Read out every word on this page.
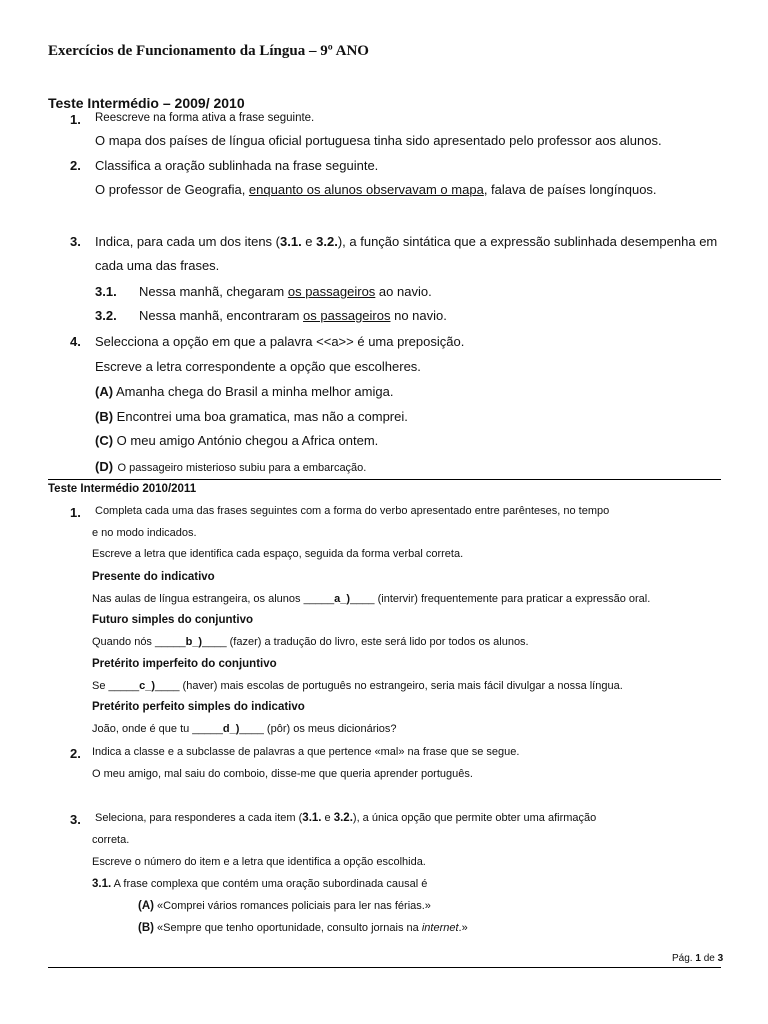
Exercícios de Funcionamento da Língua – 9º ANO
Teste Intermédio – 2009/ 2010
1. Reescreve na forma ativa a frase seguinte.
O mapa dos países de língua oficial portuguesa tinha sido apresentado pelo professor aos alunos.
2. Classifica a oração sublinhada na frase seguinte.
O professor de Geografia, enquanto os alunos observavam o mapa, falava de países longínquos.
3. Indica, para cada um dos itens (3.1. e 3.2.), a função sintática que a expressão sublinhada desempenha em
cada uma das frases.
3.1. Nessa manhã, chegaram os passageiros ao navio.
3.2. Nessa manhã, encontraram os passageiros no navio.
4. Selecciona a opção em que a palavra <<a>> é uma preposição.
Escreve a letra correspondente a opção que escolheres.
(A) Amanha chega do Brasil a minha melhor amiga.
(B) Encontrei uma boa gramatica, mas não a comprei.
(C) O meu amigo António chegou a Africa ontem.
(D) O passageiro misterioso subiu para a embarcação.
Teste Intermédio 2010/2011
1. Completa cada uma das frases seguintes com a forma do verbo apresentado entre parênteses, no tempo
e no modo indicados.
Escreve a letra que identifica cada espaço, seguida da forma verbal correta.
Presente do indicativo
Nas aulas de língua estrangeira, os alunos _____a_)____ (intervir) frequentemente para praticar a expressão oral.
Futuro simples do conjuntivo
Quando nós _____b_)____ (fazer) a tradução do livro, este será lido por todos os alunos.
Pretérito imperfeito do conjuntivo
Se _____c_)____ (haver) mais escolas de português no estrangeiro, seria mais fácil divulgar a nossa língua.
Pretérito perfeito simples do indicativo
João, onde é que tu _____d_)____ (pôr) os meus dicionários?
2. Indica a classe e a subclasse de palavras a que pertence «mal» na frase que se segue.
O meu amigo, mal saiu do comboio, disse-me que queria aprender português.
3. Seleciona, para responderes a cada item (3.1. e 3.2.), a única opção que permite obter uma afirmação
correta.
Escreve o número do item e a letra que identifica a opção escolhida.
3.1. A frase complexa que contém uma oração subordinada causal é
(A) «Comprei vários romances policiais para ler nas férias.»
(B) «Sempre que tenho oportunidade, consulto jornais na internet.»
Pág. 1 de 3
